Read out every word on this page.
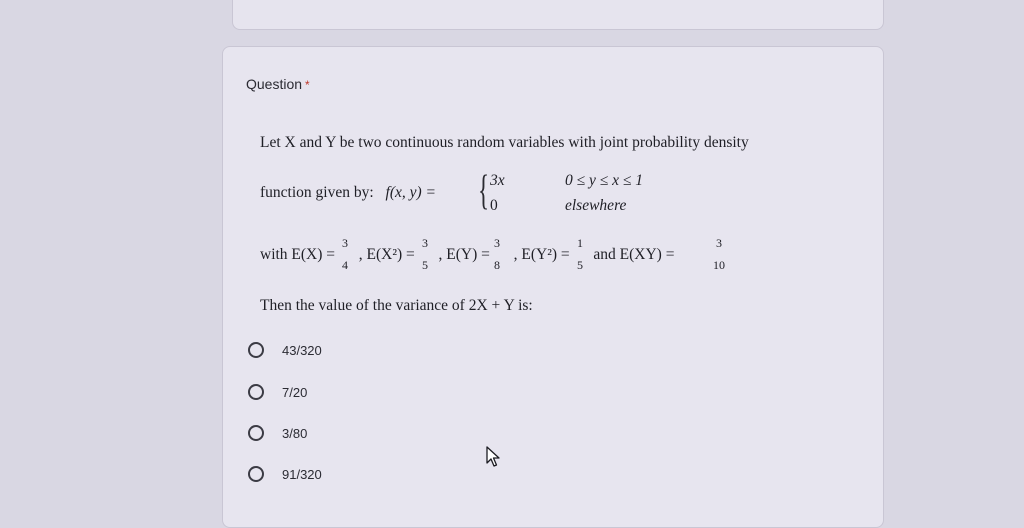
Question *
Let X and Y be two continuous random variables with joint probability density
function given by: f(x, y) = { 3x
0
0 ≤ y ≤ x ≤ 1
elsewhere
with E(X) = , E(X²) = , E(Y) = , E(Y²) = and E(XY) =
3
4
3
5
3
8
1
5
3
10
Then the value of the variance of 2X + Y is:
43/320
7/20
3/80
91/320
